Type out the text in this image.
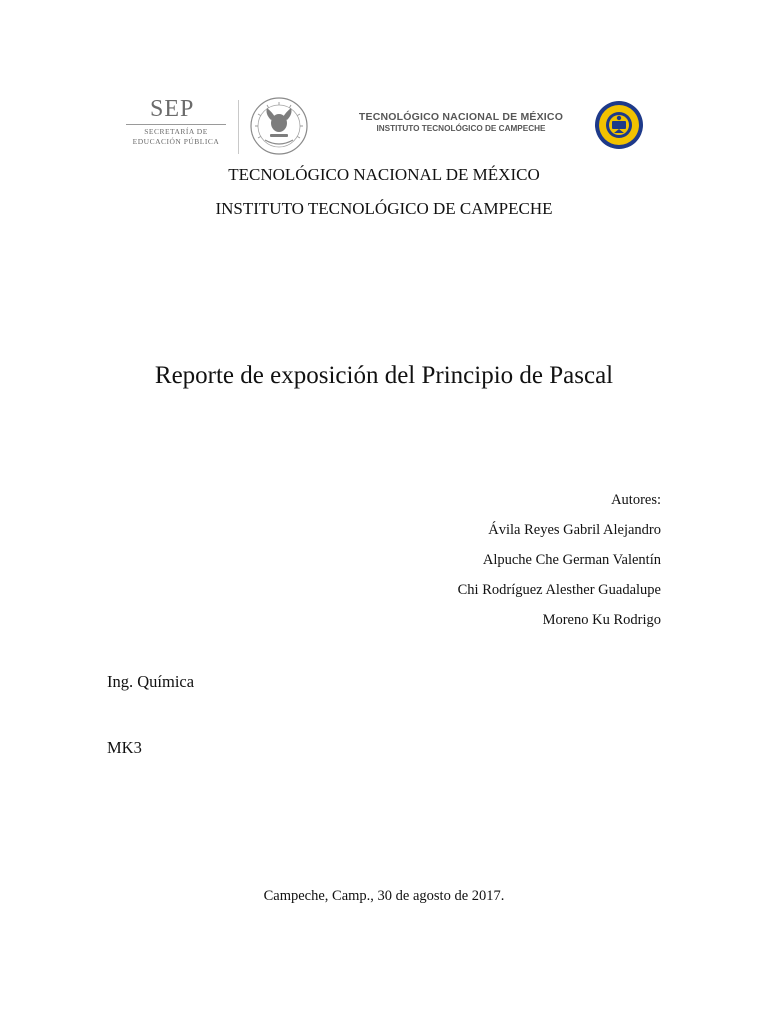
SEP
SECRETARÍA DE
EDUCACIÓN PÚBLICA
TECNOLÓGICO NACIONAL DE MÉXICO
INSTITUTO TECNOLÓGICO DE CAMPECHE
TECNOLÓGICO NACIONAL DE MÉXICO
INSTITUTO TECNOLÓGICO DE CAMPECHE
Reporte de exposición del Principio de Pascal
Autores:
Ávila Reyes Gabril Alejandro
Alpuche Che German Valentín
Chi Rodríguez Alesther Guadalupe
Moreno Ku Rodrigo
Ing. Química
MK3
Campeche, Camp., 30 de agosto de 2017.
